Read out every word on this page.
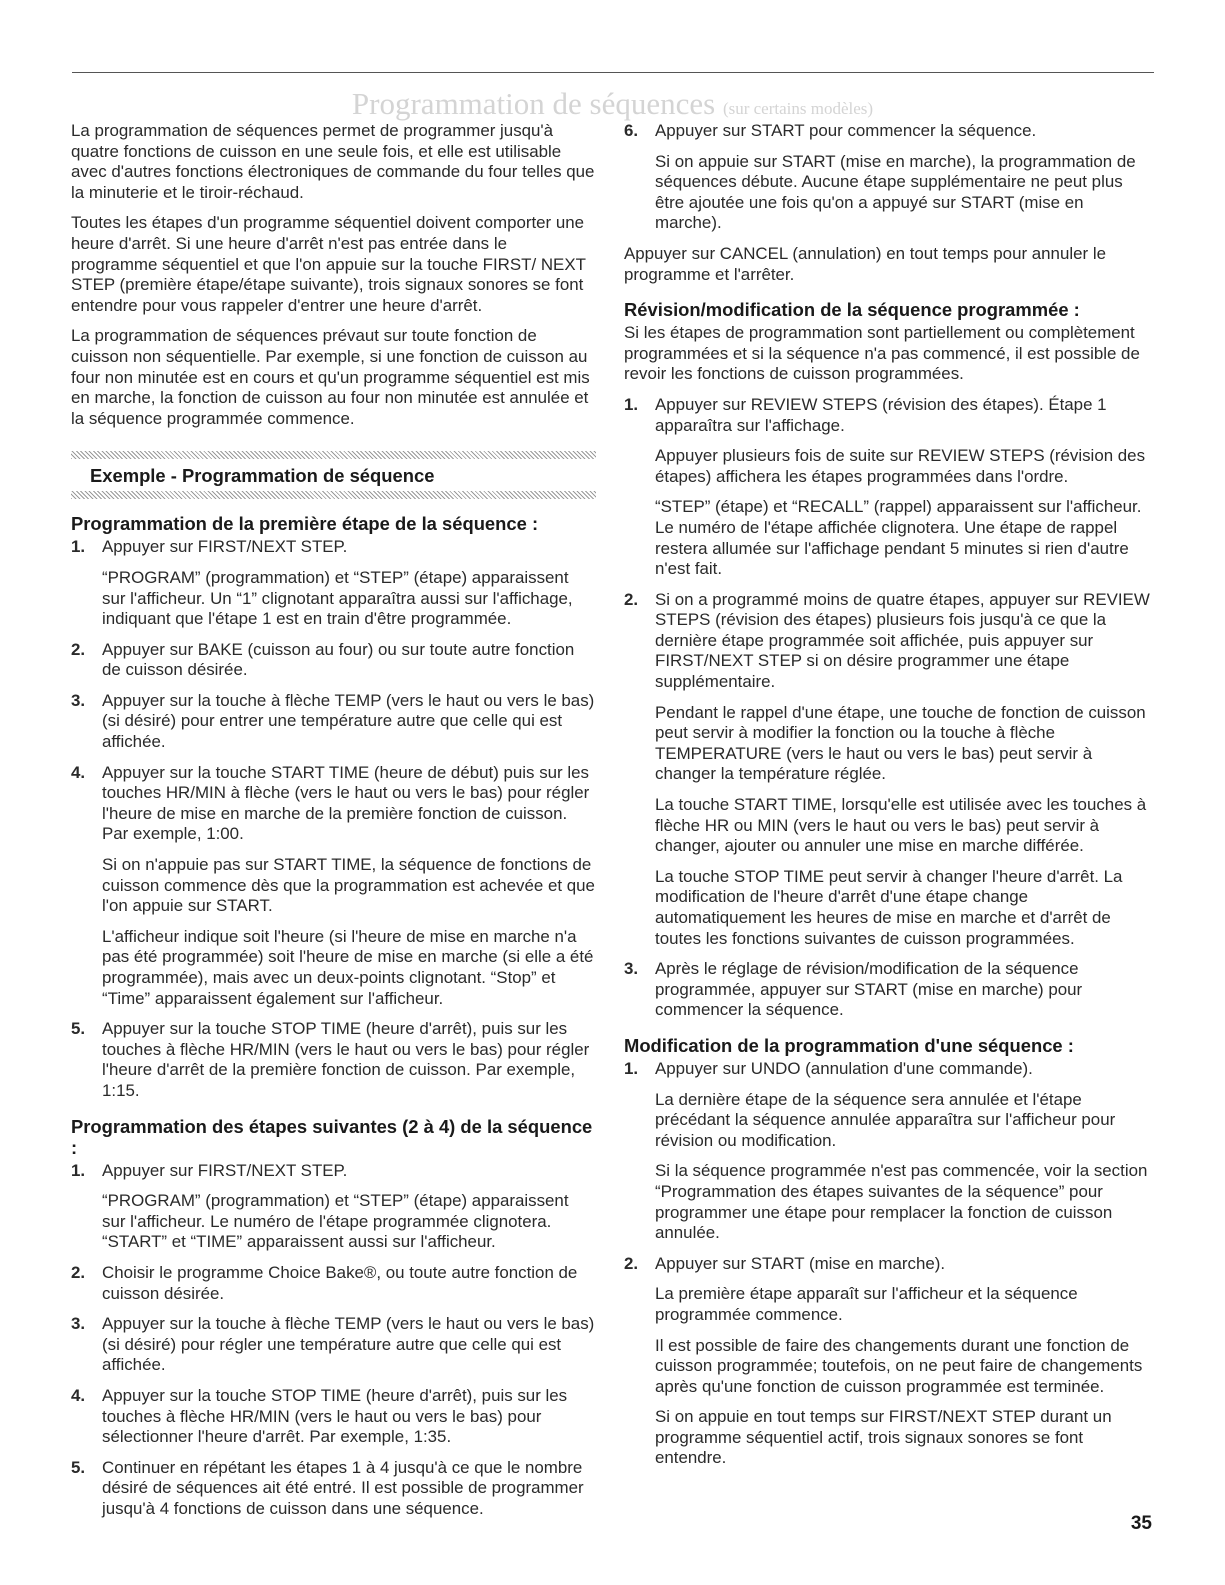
Programmation de séquences (sur certains modèles)

La programmation de séquences permet de programmer jusqu'à quatre fonctions de cuisson en une seule fois, et elle est utilisable avec d'autres fonctions électroniques de commande du four telles que la minuterie et le tiroir-réchaud.

Toutes les étapes d'un programme séquentiel doivent comporter une heure d'arrêt. Si une heure d'arrêt n'est pas entrée dans le programme séquentiel et que l'on appuie sur la touche FIRST/ NEXT STEP (première étape/étape suivante), trois signaux sonores se font entendre pour vous rappeler d'entrer une heure d'arrêt.

La programmation de séquences prévaut sur toute fonction de cuisson non séquentielle. Par exemple, si une fonction de cuisson au four non minutée est en cours et qu'un programme séquentiel est mis en marche, la fonction de cuisson au four non minutée est annulée et la séquence programmée commence.

Exemple - Programmation de séquence
Programmation de la première étape de la séquence :
1.	Appuyer sur FIRST/NEXT STEP.

“PROGRAM” (programmation) et “STEP” (étape) apparaissent sur l'afficheur. Un “1” clignotant apparaîtra aussi sur l'affichage, indiquant que l'étape 1 est en train d'être programmée.

2.	Appuyer sur BAKE (cuisson au four) ou sur toute autre fonction de cuisson désirée.

3.	Appuyer sur la touche à flèche TEMP (vers le haut ou vers le bas) (si désiré) pour entrer une température autre que celle qui est affichée.

4.	Appuyer sur la touche START TIME (heure de début) puis sur les touches HR/MIN à flèche (vers le haut ou vers le bas) pour régler l'heure de mise en marche de la première fonction de cuisson. Par exemple, 1:00.

Si on n'appuie pas sur START TIME, la séquence de fonctions de cuisson commence dès que la programmation est achevée et que l'on appuie sur START.

L'afficheur indique soit l'heure (si l'heure de mise en marche n'a pas été programmée) soit l'heure de mise en marche (si elle a été programmée), mais avec un deux-points clignotant. “Stop” et “Time” apparaissent également sur l'afficheur.

5.	Appuyer sur la touche STOP TIME (heure d'arrêt), puis sur les touches à flèche HR/MIN (vers le haut ou vers le bas) pour régler l'heure d'arrêt de la première fonction de cuisson. Par exemple, 1:15.

Programmation des étapes suivantes (2 à 4) de la séquence :
1.	Appuyer sur FIRST/NEXT STEP.

“PROGRAM” (programmation) et “STEP” (étape) apparaissent sur l'afficheur. Le numéro de l'étape programmée clignotera. “START” et “TIME” apparaissent aussi sur l'afficheur.

2.	Choisir le programme Choice Bake®, ou toute autre fonction de cuisson désirée.

3.	Appuyer sur la touche à flèche TEMP (vers le haut ou vers le bas) (si désiré) pour régler une température autre que celle qui est affichée.

4.	Appuyer sur la touche STOP TIME (heure d'arrêt), puis sur les touches à flèche HR/MIN (vers le haut ou vers le bas) pour sélectionner l'heure d'arrêt. Par exemple, 1:35.

5.	Continuer en répétant les étapes 1 à 4 jusqu'à ce que le nombre désiré de séquences ait été entré. Il est possible de programmer jusqu'à 4 fonctions de cuisson dans une séquence.

6.	Appuyer sur START pour commencer la séquence.

Si on appuie sur START (mise en marche), la programmation de séquences débute. Aucune étape supplémentaire ne peut plus être ajoutée une fois qu'on a appuyé sur START (mise en marche).

Appuyer sur CANCEL (annulation) en tout temps pour annuler le programme et l'arrêter.

Révision/modification de la séquence programmée :

Si les étapes de programmation sont partiellement ou complètement programmées et si la séquence n'a pas commencé, il est possible de revoir les fonctions de cuisson programmées.

1.	Appuyer sur REVIEW STEPS (révision des étapes). Étape 1 apparaîtra sur l'affichage.

Appuyer plusieurs fois de suite sur REVIEW STEPS (révision des étapes) affichera les étapes programmées dans l'ordre.

“STEP” (étape) et “RECALL” (rappel) apparaissent sur l'afficheur. Le numéro de l'étape affichée clignotera. Une étape de rappel restera allumée sur l'affichage pendant 5 minutes si rien d'autre n'est fait.

2.	Si on a programmé moins de quatre étapes, appuyer sur REVIEW STEPS (révision des étapes) plusieurs fois jusqu'à ce que la dernière étape programmée soit affichée, puis appuyer sur FIRST/NEXT STEP si on désire programmer une étape supplémentaire.

Pendant le rappel d'une étape, une touche de fonction de cuisson peut servir à modifier la fonction ou la touche à flèche TEMPERATURE (vers le haut ou vers le bas) peut servir à changer la température réglée.

La touche START TIME, lorsqu'elle est utilisée avec les touches à flèche HR ou MIN (vers le haut ou vers le bas) peut servir à changer, ajouter ou annuler une mise en marche différée.

La touche STOP TIME peut servir à changer l'heure d'arrêt. La modification de l'heure d'arrêt d'une étape change automatiquement les heures de mise en marche et d'arrêt de toutes les fonctions suivantes de cuisson programmées.

3.	Après le réglage de révision/modification de la séquence programmée, appuyer sur START (mise en marche) pour commencer la séquence.

Modification de la programmation d'une séquence :
1.	Appuyer sur UNDO (annulation d'une commande).

La dernière étape de la séquence sera annulée et l'étape précédant la séquence annulée apparaîtra sur l'afficheur pour révision ou modification.

Si la séquence programmée n'est pas commencée, voir la section “Programmation des étapes suivantes de la séquence” pour programmer une étape pour remplacer la fonction de cuisson annulée.

2.	Appuyer sur START (mise en marche).

La première étape apparaît sur l'afficheur et la séquence programmée commence.

Il est possible de faire des changements durant une fonction de cuisson programmée; toutefois, on ne peut faire de changements après qu'une fonction de cuisson programmée est terminée.

Si on appuie en tout temps sur FIRST/NEXT STEP durant un programme séquentiel actif, trois signaux sonores se font entendre.

35
